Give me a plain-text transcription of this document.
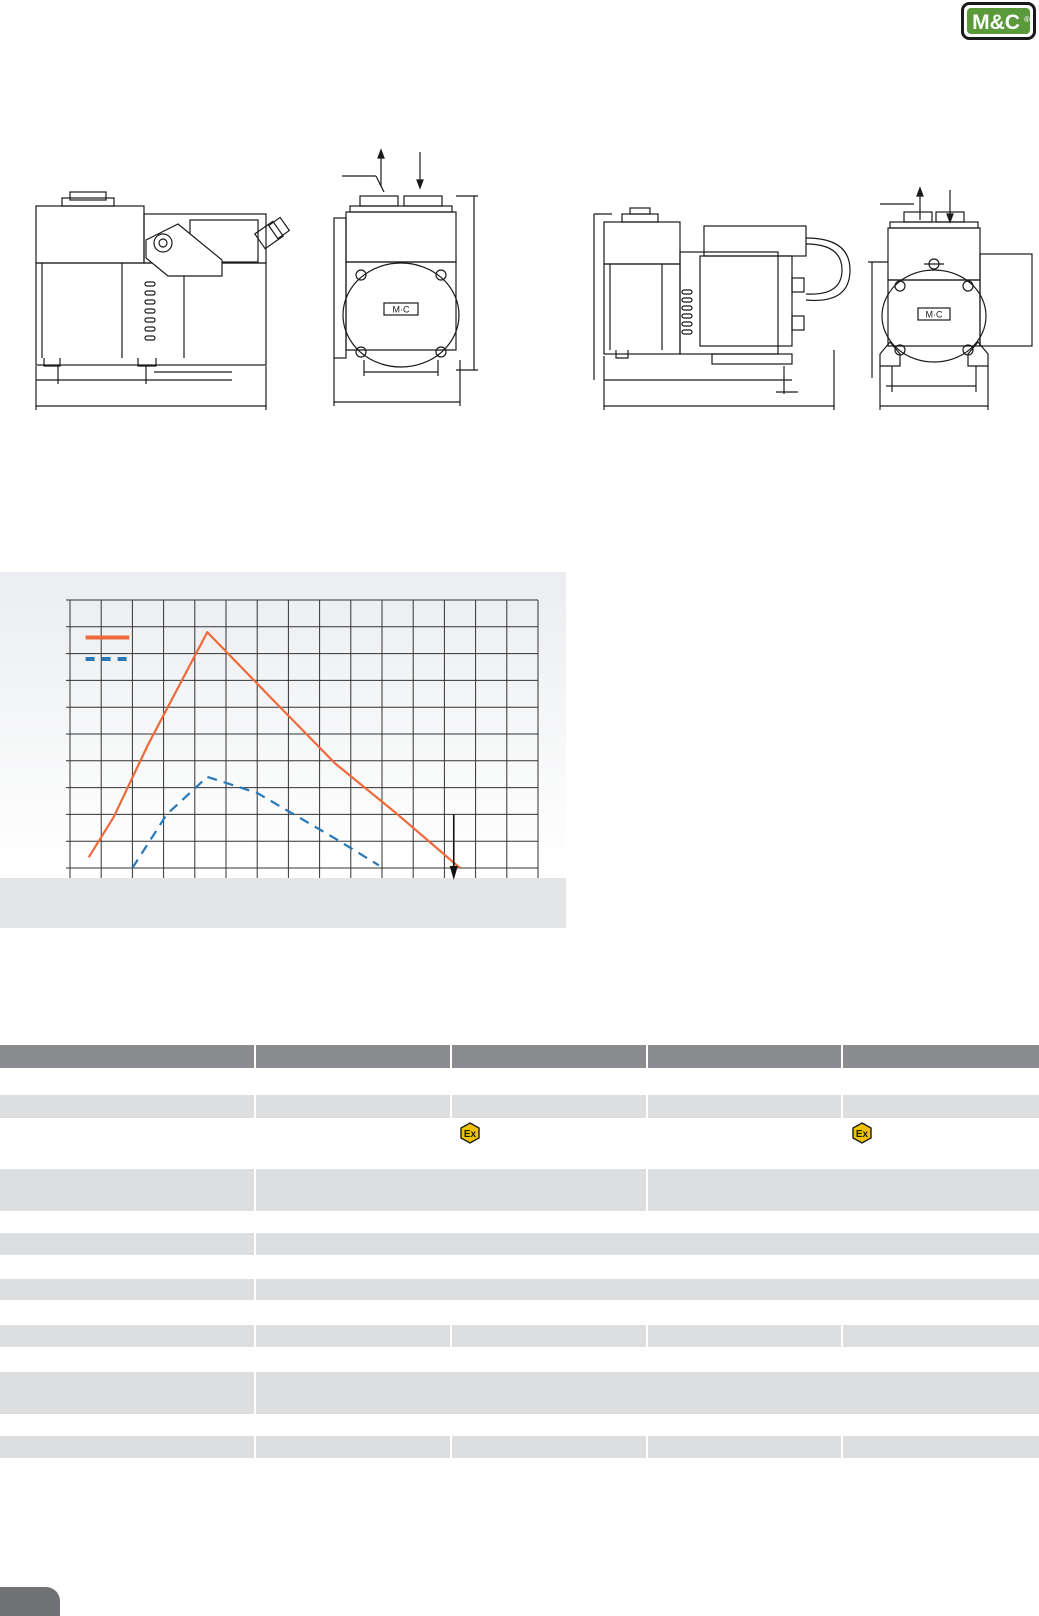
M&C ®
M·C	M·C
Ex	Ex
